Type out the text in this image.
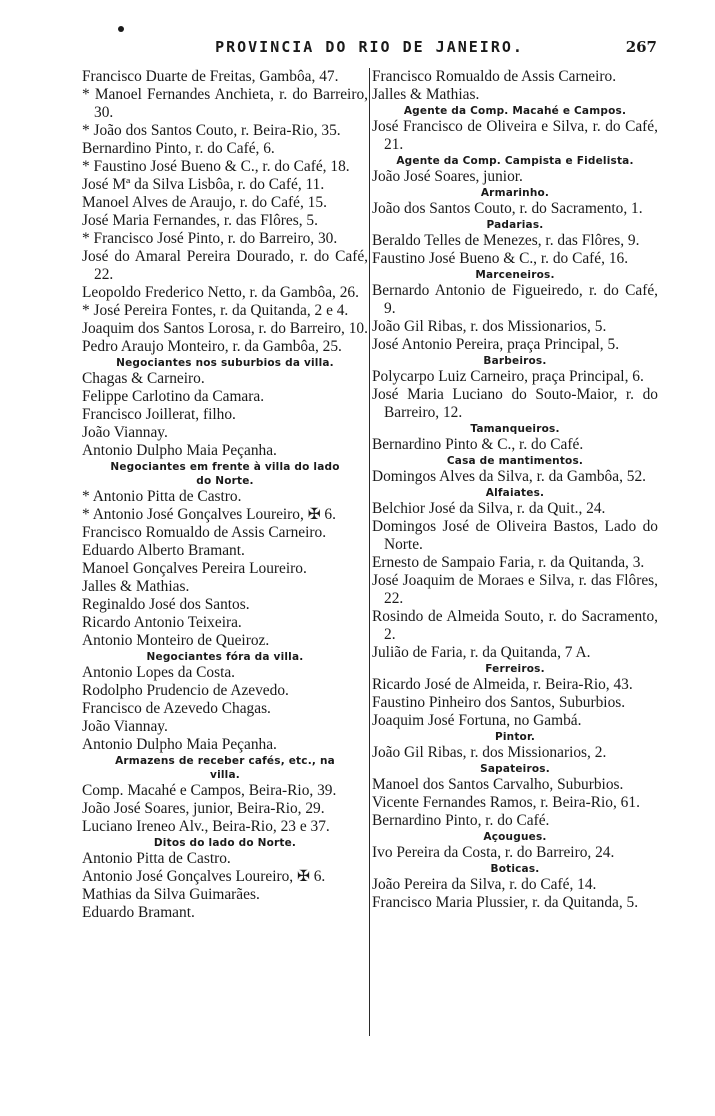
PROVINCIA DO RIO DE JANEIRO.	267
Francisco Duarte de Freitas, Gambôa, 47.
* Manoel Fernandes Anchieta, r. do Barreiro, 30.
* João dos Santos Couto, r. Beira-Rio, 35.
Bernardino Pinto, r. do Café, 6.
* Faustino José Bueno & C., r. do Café, 18.
José Mª da Silva Lisbôa, r. do Café, 11.
Manoel Alves de Araujo, r. do Café, 15.
José Maria Fernandes, r. das Flôres, 5.
* Francisco José Pinto, r. do Barreiro, 30.
José do Amaral Pereira Dourado, r. do Café, 22.
Leopoldo Frederico Netto, r. da Gambôa, 26.
* José Pereira Fontes, r. da Quitanda, 2 e 4.
Joaquim dos Santos Lorosa, r. do Barreiro, 10.
Pedro Araujo Monteiro, r. da Gambôa, 25.
Negociantes nos suburbios da villa.
Chagas & Carneiro.
Felippe Carlotino da Camara.
Francisco Joillerat, filho.
João Viannay.
Antonio Dulpho Maia Peçanha.
Negociantes em frente à villa do lado do Norte.
* Antonio Pitta de Castro.
* Antonio José Gonçalves Loureiro, ✠ 6.
Francisco Romualdo de Assis Carneiro.
Eduardo Alberto Bramant.
Manoel Gonçalves Pereira Loureiro.
Jalles & Mathias.
Reginaldo José dos Santos.
Ricardo Antonio Teixeira.
Antonio Monteiro de Queiroz.
Negociantes fóra da villa.
Antonio Lopes da Costa.
Rodolpho Prudencio de Azevedo.
Francisco de Azevedo Chagas.
João Viannay.
Antonio Dulpho Maia Peçanha.
Armazens de receber cafés, etc., na villa.
Comp. Macahé e Campos, Beira-Rio, 39.
João José Soares, junior, Beira-Rio, 29.
Luciano Ireneo Alv., Beira-Rio, 23 e 37.
Ditos do lado do Norte.
Antonio Pitta de Castro.
Antonio José Gonçalves Loureiro, ✠ 6.
Mathias da Silva Guimarães.
Eduardo Bramant.
Francisco Romualdo de Assis Carneiro.
Jalles & Mathias.
Agente da Comp. Macahé e Campos.
José Francisco de Oliveira e Silva, r. do Café, 21.
Agente da Comp. Campista e Fidelista.
João José Soares, junior.
Armarinho.
João dos Santos Couto, r. do Sacramento, 1.
Padarias.
Beraldo Telles de Menezes, r. das Flôres, 9.
Faustino José Bueno & C., r. do Café, 16.
Marceneiros.
Bernardo Antonio de Figueiredo, r. do Café, 9.
João Gil Ribas, r. dos Missionarios, 5.
José Antonio Pereira, praça Principal, 5.
Barbeiros.
Polycarpo Luiz Carneiro, praça Principal, 6.
José Maria Luciano do Souto-Maior, r. do Barreiro, 12.
Tamanqueiros.
Bernardino Pinto & C., r. do Café.
Casa de mantimentos.
Domingos Alves da Silva, r. da Gambôa, 52.
Alfaiates.
Belchior José da Silva, r. da Quit., 24.
Domingos José de Oliveira Bastos, Lado do Norte.
Ernesto de Sampaio Faria, r. da Quitanda, 3.
José Joaquim de Moraes e Silva, r. das Flôres, 22.
Rosindo de Almeida Souto, r. do Sacramento, 2.
Julião de Faria, r. da Quitanda, 7 A.
Ferreiros.
Ricardo José de Almeida, r. Beira-Rio, 43.
Faustino Pinheiro dos Santos, Suburbios.
Joaquim José Fortuna, no Gambá.
Pintor.
João Gil Ribas, r. dos Missionarios, 2.
Sapateiros.
Manoel dos Santos Carvalho, Suburbios.
Vicente Fernandes Ramos, r. Beira-Rio, 61.
Bernardino Pinto, r. do Café.
Açougues.
Ivo Pereira da Costa, r. do Barreiro, 24.
Boticas.
João Pereira da Silva, r. do Café, 14.
Francisco Maria Plussier, r. da Quitanda, 5.
